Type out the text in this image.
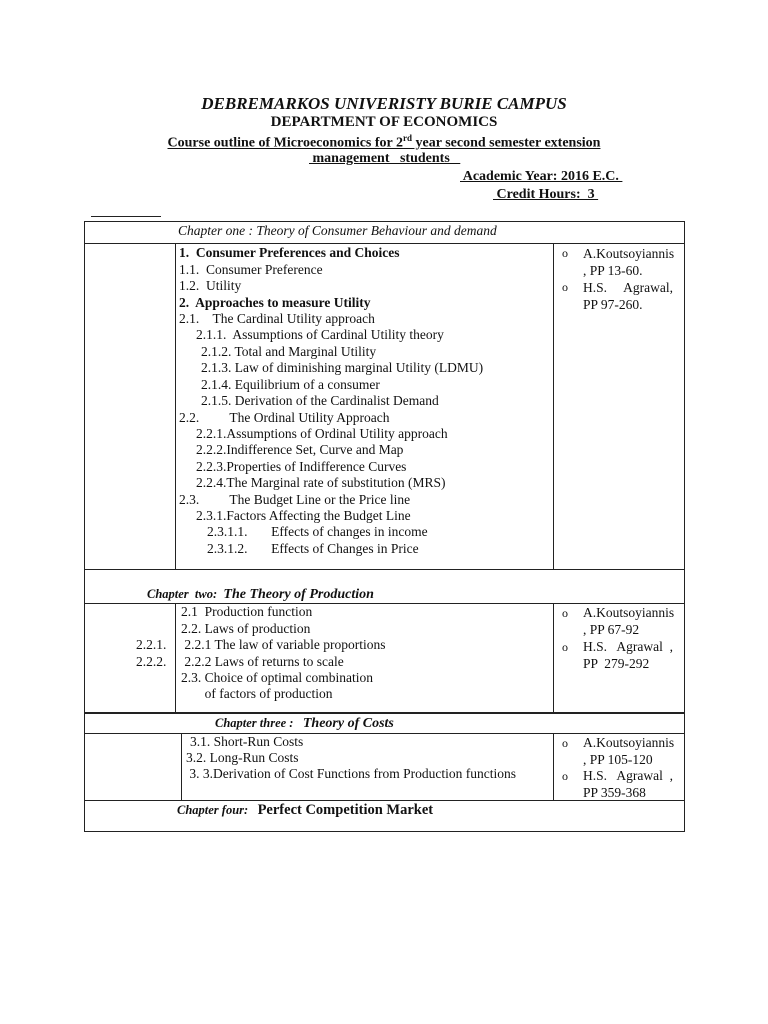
DEBREMARKOS UNIVERISTY BURIE CAMPUS
DEPARTMENT OF ECONOMICS
Course outline of Microeconomics for 2rd year second semester extension
management   students
Academic Year: 2016 E.C.
Credit Hours:  3
Chapter one : Theory of Consumer Behaviour and demand
1.  Consumer Preferences and Choices
1.1.  Consumer Preference
1.2.  Utility
2.  Approaches to measure Utility
2.1.    The Cardinal Utility approach
2.1.1.  Assumptions of Cardinal Utility theory
2.1.2. Total and Marginal Utility
2.1.3. Law of diminishing marginal Utility (LDMU)
2.1.4. Equilibrium of a consumer
2.1.5. Derivation of the Cardinalist Demand
2.2.         The Ordinal Utility Approach
2.2.1.Assumptions of Ordinal Utility approach
2.2.2.Indifference Set, Curve and Map
2.2.3.Properties of Indifference Curves
2.2.4.The Marginal rate of substitution (MRS)
2.3.         The Budget Line or the Price line
2.3.1.Factors Affecting the Budget Line
2.3.1.1.       Effects of changes in income
2.3.1.2.       Effects of Changes in Price
o A.Koutsoyiannis
, PP 13-60.
o H.S.     Agrawal,
PP 97-260.
Chapter  two:  The Theory of Production
2.2.1.
2.2.2.
2.1  Production function
2.2. Laws of production
2.2.1 The law of variable proportions
2.2.2 Laws of returns to scale
2.3. Choice of optimal combination
of factors of production
o A.Koutsoyiannis
, PP 67-92
o H.S.   Agrawal  ,
PP  279-292
Chapter three :   Theory of Costs
3.1. Short-Run Costs
3.2. Long-Run Costs
3. 3.Derivation of Cost Functions from Production functions
o A.Koutsoyiannis
, PP 105-120
o H.S.   Agrawal  ,
PP 359-368
Chapter four:   Perfect Competition Market
